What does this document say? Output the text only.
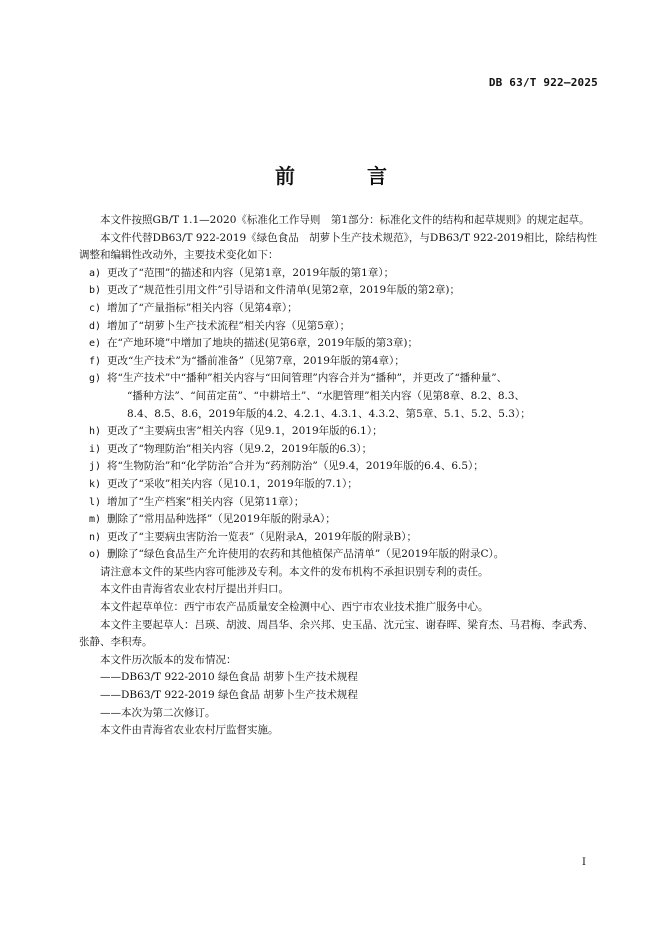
DB 63/T 922—2025
前　言

本文件按照GB/T 1.1—2020《标准化工作导则　第1部分：标准化文件的结构和起草规则》的规定起草。

本文件代替DB63/T 922-2019《绿色食品　胡萝卜生产技术规范》，与DB63/T 922-2019相比，除结构性调整和编辑性改动外，主要技术变化如下：

a) 更改了“范围”的描述和内容（见第1章，2019年版的第1章）；

b) 更改了“规范性引用文件”引导语和文件清单(见第2章，2019年版的第2章)；

c) 增加了“产量指标”相关内容（见第4章）；

d) 增加了“胡萝卜生产技术流程”相关内容（见第5章）；

e) 在“产地环境”中增加了地块的描述(见第6章，2019年版的第3章)；

f) 更改“生产技术”为“播前准备”（见第7章，2019年版的第4章）；

g) 将“生产技术”中“播种”相关内容与“田间管理”内容合并为“播种”，并更改了“播种量”、

“播种方法”、“间苗定苗”、“中耕培土”、“水肥管理”相关内容（见第8章、8.2、8.3、

8.4、8.5、8.6，2019年版的4.2、4.2.1、4.3.1、4.3.2、第5章、5.1、5.2、5.3）；

h) 更改了“主要病虫害”相关内容（见9.1，2019年版的6.1）；

i) 更改了“物理防治”相关内容（见9.2，2019年版的6.3）；

j) 将“生物防治”和“化学防治”合并为“药剂防治”（见9.4，2019年版的6.4、6.5）；

k) 更改了“采收”相关内容（见10.1，2019年版的7.1）；

l) 增加了“生产档案”相关内容（见第11章）；

m) 删除了“常用品种选择”（见2019年版的附录A）；

n) 更改了“主要病虫害防治一览表”（见附录A，2019年版的附录B）；

o) 删除了“绿色食品生产允许使用的农药和其他植保产品清单”（见2019年版的附录C）。

请注意本文件的某些内容可能涉及专利。本文件的发布机构不承担识别专利的责任。

本文件由青海省农业农村厅提出并归口。

本文件起草单位：西宁市农产品质量安全检测中心、西宁市农业技术推广服务中心。

本文件主要起草人：吕瑛、胡波、周昌华、余兴邦、史玉晶、沈元宝、谢春晖、梁育杰、马君梅、李武秀、张静、李积寿。

本文件历次版本的发布情况：

——DB63/T 922-2010 绿色食品 胡萝卜生产技术规程

——DB63/T 922-2019 绿色食品 胡萝卜生产技术规程

——本次为第二次修订。

本文件由青海省农业农村厅监督实施。

I
